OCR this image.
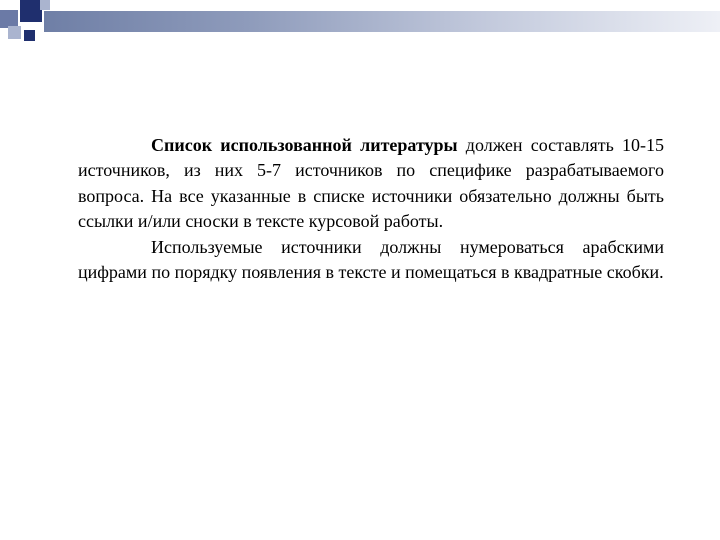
Список использованной литературы должен составлять 10-15 источников, из них 5-7 источников по специфике разрабатываемого вопроса. На все указанные в списке источники обязательно должны быть ссылки и/или сноски в тексте курсовой работы.

Используемые источники должны нумероваться арабскими цифрами по порядку появления в тексте и помещаться в квадратные скобки.
